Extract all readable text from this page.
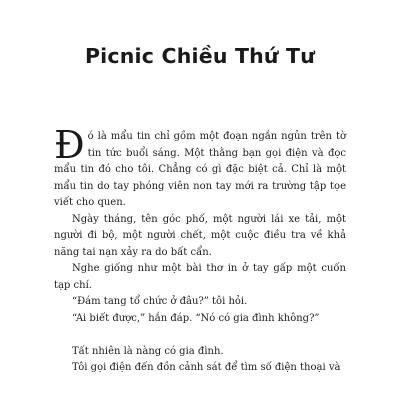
Picnic Chiều Thứ Tư

Đó là mẩu tin chỉ gồm một đoạn ngắn ngủn trên tờ tin tức buổi sáng. Một thằng bạn gọi điện và đọc mẩu tin đó cho tôi. Chẳng có gì đặc biệt cả. Chỉ là một mẩu tin do tay phóng viên non tay mới ra trường tập tọe viết cho quen.

Ngày tháng, tên góc phố, một người lái xe tải, một người đi bộ, một người chết, một cuộc điều tra về khả năng tai nạn xảy ra do bất cẩn.

Nghe giống như một bài thơ in ở tay gấp một cuốn tạp chí.

“Đám tang tổ chức ở đâu?” tôi hỏi.

“Ai biết được,” hắn đáp. “Nó có gia đình không?”

Tất nhiên là nàng có gia đình.

Tôi gọi điện đến đồn cảnh sát để tìm số điện thoại và
